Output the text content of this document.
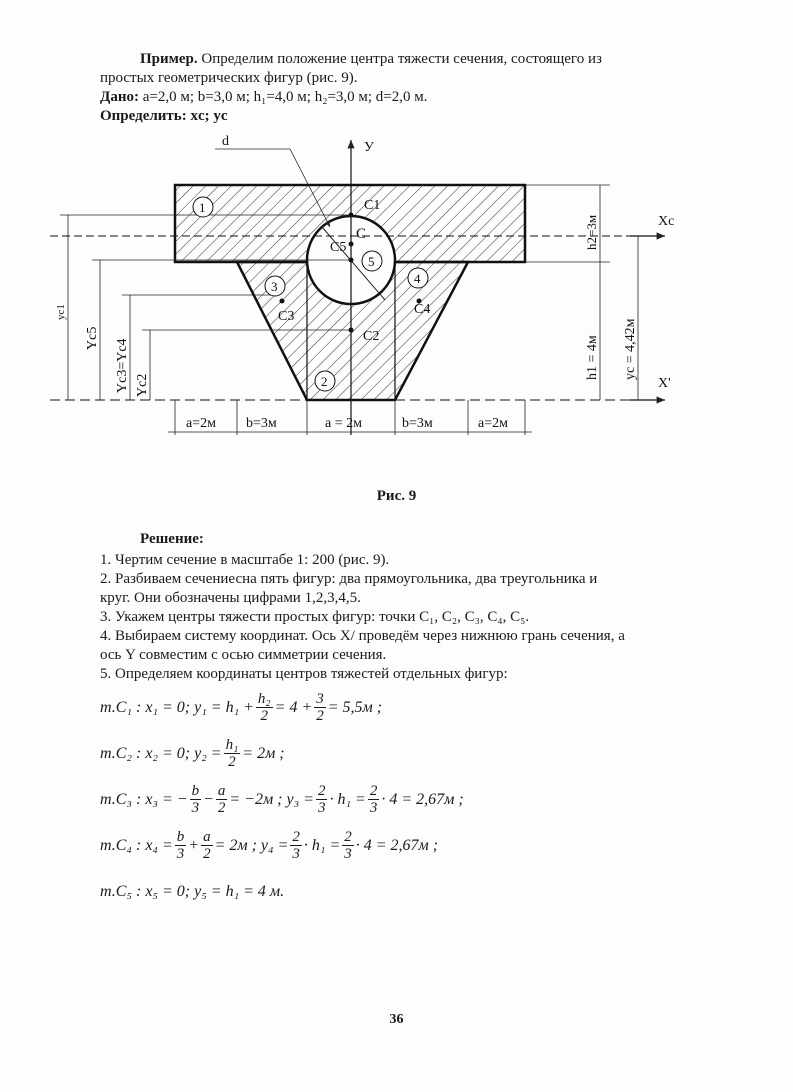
Пример. Определим положение центра тяжести сечения, состоящего из

простых геометрических фигур (рис. 9).

Дано: a=2,0 м; b=3,0 м; h₁=4,0 м; h₂=3,0 м; d=2,0 м.

Определить: xc; yc

d	У
Xc
X'
C
C1
C2
C3	C4
C5
1
2
3
4
5
a=2м b=3м	a = 2м	b=3м	a=2м
h2=3м
h1 = 4м yc = 4,42м
yc1
Yc5
Yc3=Yc4 Yc2
Рис. 9

Решение:

1. Чертим сечение в масштабе 1: 200 (рис. 9).

2. Разбиваем сечениесна пять фигур: два прямоугольника, два треугольника и

круг. Они обозначены цифрами 1,2,3,4,5.

3. Укажем центры тяжести простых фигур: точки C₁, C₂, C₃, C₄, C₅.

4. Выбираем систему координат. Ось X/ проведём через нижнюю грань сечения, а

ось Y совместим с осью симметрии сечения.

5. Определяем координаты центров тяжестей отдельных фигур:

т.C₁ : x₁ = 0; $y_1 = h_1 + \frac{\text{h₂}}{2} = 4 + \frac{3}{2} = 5,5м$ ;
т.C₂ : x₂ = 0; $y_2 = \frac{\text{h₁}}{2} = 2м$ ;
т.C₃ : x₃ = − $\frac{b}{3} - \frac{a}{2} = -2м$ ; $y_3 = \frac{2}{3} \cdot h_1 = \frac{2}{3} \cdot 4 = 2,67м$ ;
т.C₄ : $x_4 = \frac{b}{3} + \frac{a}{2} = 2м$ ; $y_4 = \frac{2}{3} \cdot h_1 = \frac{2}{3} \cdot 4 = 2,67м$ ;
т.C₅ : x₅ = 0; y₅ = h₁ = 4 м.
36
